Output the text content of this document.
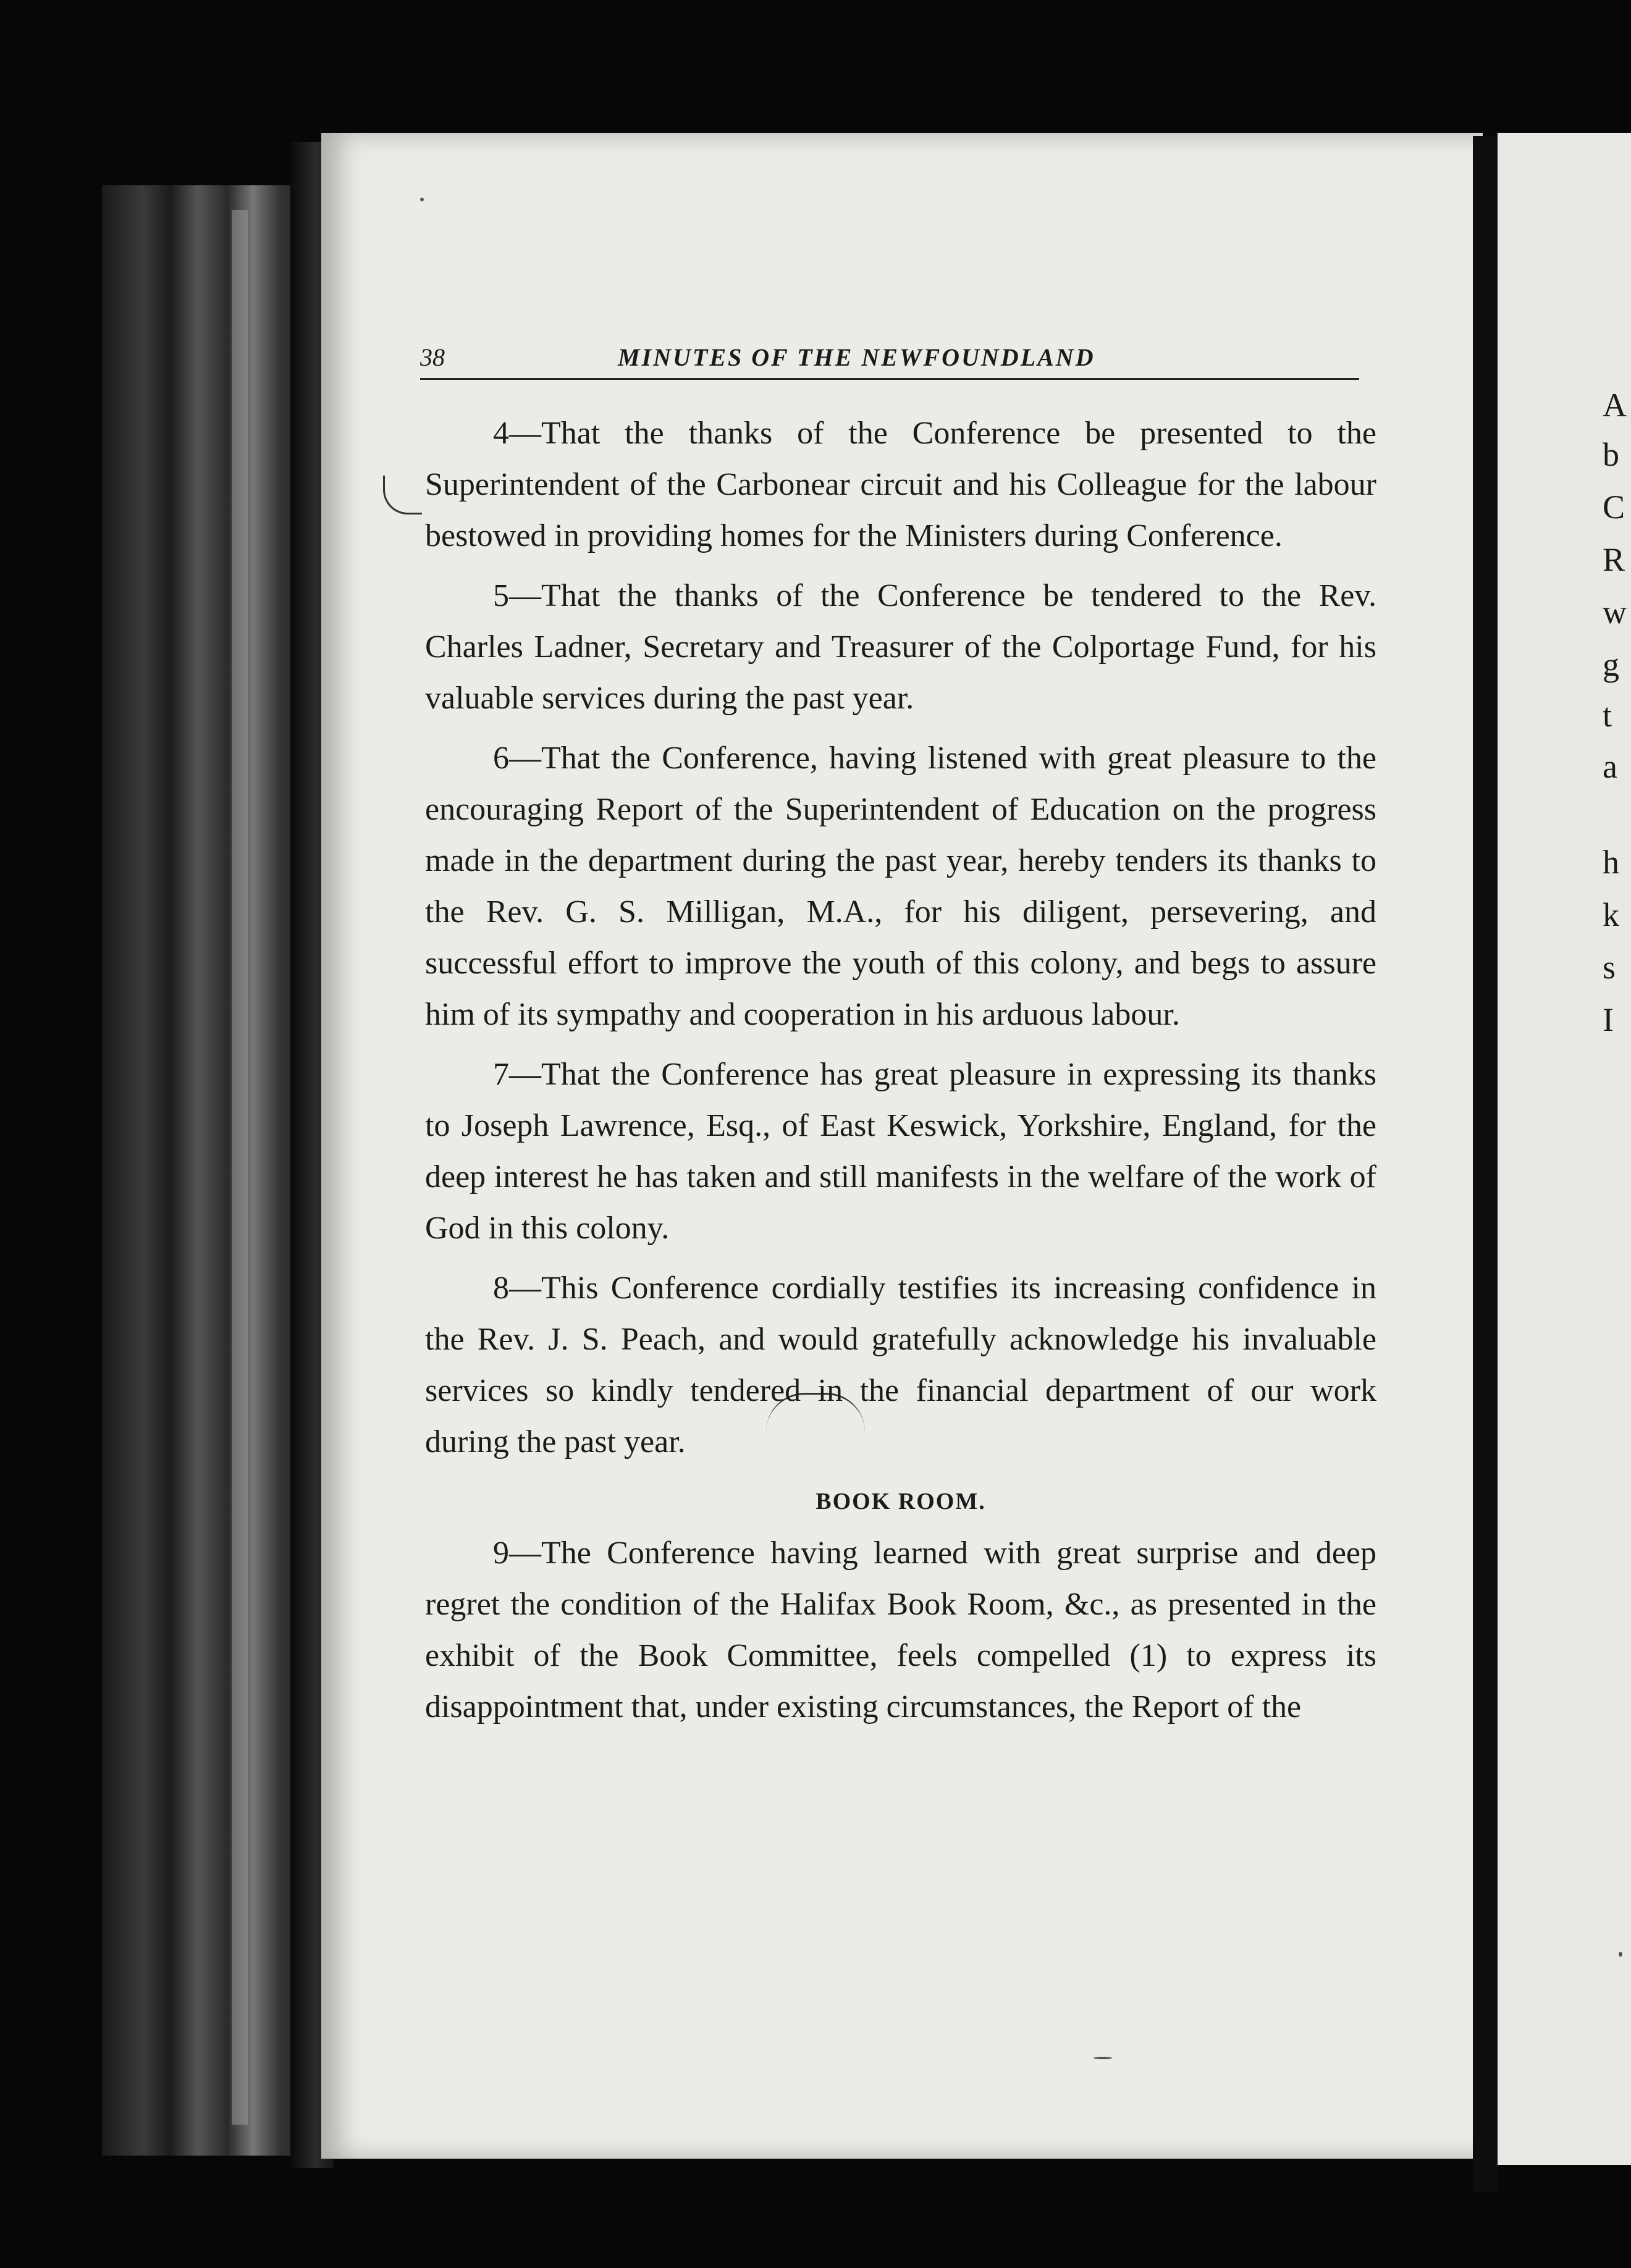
A
b
C
R
w
g
t
a
h
k
s
I
38	MINUTES OF THE NEWFOUNDLAND

4—That the thanks of the Conference be presented to the Superintendent of the Carbonear circuit and his Colleague for the labour bestowed in providing homes for the Ministers during Conference.

5—That the thanks of the Conference be tendered to the Rev. Charles Ladner, Secretary and Treasurer of the Colportage Fund, for his valuable services during the past year.

6—That the Conference, having listened with great pleasure to the encouraging Report of the Superintendent of Education on the progress made in the department during the past year, hereby tenders its thanks to the Rev. G. S. Milligan, M.A., for his diligent, persevering, and successful effort to improve the youth of this colony, and begs to assure him of its sympathy and cooperation in his arduous labour.

7—That the Conference has great pleasure in expressing its thanks to Joseph Lawrence, Esq., of East Keswick, Yorkshire, England, for the deep interest he has taken and still manifests in the welfare of the work of God in this colony.

8—This Conference cordially testifies its increasing confidence in the Rev. J. S. Peach, and would gratefully acknowledge his invaluable services so kindly tendered in the financial department of our work during the past year.

BOOK ROOM.

9—The Conference having learned with great surprise and deep regret the condition of the Halifax Book Room, &c., as presented in the exhibit of the Book Committee, feels compelled (1) to express its disappointment that, under existing circumstances, the Report of the
